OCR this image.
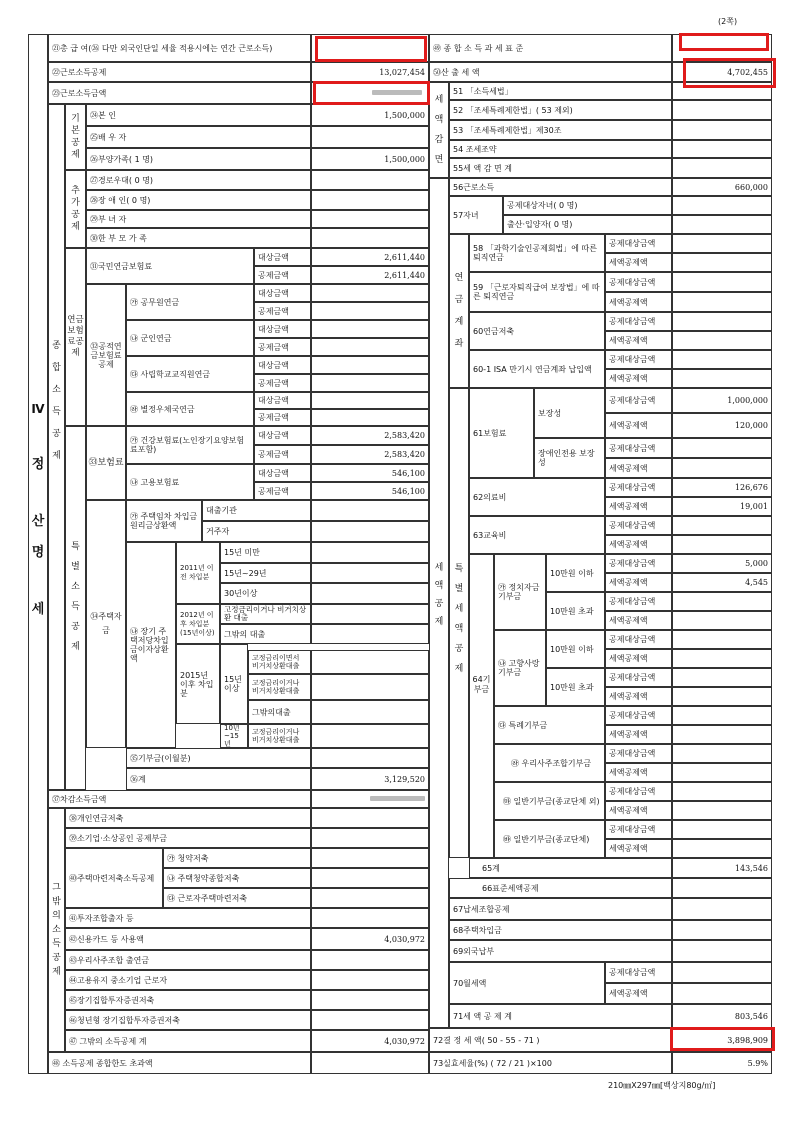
(2쪽)
Ⅳ
정
산
명
세
㉑총 급 여(㉖ 다만 외국인단일 세율 적용시에는 연간 근로소득)
㉒근로소득공제	13,027,454
㉓근로소득금액
종합소득공제
기본공제
㉔본 인	1,500,000
㉕배 우 자
㉖부양가족( 1 명)	1,500,000
추가공제
㉗경로우대( 0 명)
㉘장 애 인( 0 명)
㉙부 녀 자
㉚한 부 모 가 족
연금보험료공제
㉛국민연금보험료
대상금액	2,611,440
공제금액	2,611,440
㉜공적연금보험료공제
㉮ 공무원연금
대상금액
공제금액
㉯ 군인연금
대상금액
공제금액
㉰ 사립학교교직원연금
대상금액
공제금액
㉱ 별정우체국연금
대상금액
공제금액
특별소득공제
㉝보험료
㉮ 건강보험료(노인장기요양보험료포함)
대상금액	2,583,420
공제금액	2,583,420
㉯ 고용보험료
대상금액	546,100
공제금액	546,100
㉞주택자금
㉮ 주택임차 차입금원리금상환액
대출기관
거주자
㉯ 장기 주택저당차입금이자상환액
2011년 이전 차입분
15년 미만
15년~29년
30년이상
2012년 이후 차입분 (15년이상)
고정금리이거나 비거치상환 대출
그밖의 대출
2015년 이후 차입분
15년 이상
고정금리이면서 비거치상환대출
고정금리이거나 비거치상환대출
그밖의대출
10년 ~15년
고정금리이거나 비거치상환대출
㉟기부금(이월분)
㊱계	3,129,520
㊲차감소득금액
그 밖의 소득공제
㊳개인연금저축
㊴소기업·소상공인 공제부금
㊵주택마련저축소득공제
㉮ 청약저축
㉯ 주택청약종합저축
㉰ 근로자주택마련저축
㊶투자조합출자 등
㊷신용카드 등 사용액	4,030,972
㊸우리사주조합 출연금
㊹고용유지 중소기업 근로자
㊺장기집합투자증권저축
㊻청년형 장기집합투자증권저축
㊼ 그밖의 소득공제 계	4,030,972
㊽ 소득공제 종합한도 초과액
㊾ 종 합 소 득 과 세 표 준
㊿산 출 세 액	4,702,455
세액감면
51 「소득세법」
52 「조세특례제한법」( 53 제외)
53 「조세특례제한법」제30조
54 조세조약
55세 액 감 면 계
세액공제
56근로소득	660,000
57자녀
공제대상자녀( 0 명)
출산·입양자( 0 명)
연금계좌
58 「과학기술인공제회법」에 따른 퇴직연금
공제대상금액
세액공제액
59 「근로자퇴직급여 보장법」에 따른 퇴직연금
공제대상금액
세액공제액
60연금저축
공제대상금액
세액공제액
60-1 ISA 만기시 연금계좌 납입액
공제대상금액
세액공제액
특별세액공제
61보험료
보장성
공제대상금액	1,000,000
세액공제액	120,000
장애인전용 보장성
공제대상금액
세액공제액
62의료비
공제대상금액	126,676
세액공제액	19,001
63교육비
공제대상금액
세액공제액
64기부금
㉮ 정치자금기부금
10만원 이하
공제대상금액	5,000
세액공제액	4,545
10만원 초과
공제대상금액
세액공제액
㉯ 고향사랑기부금
10만원 이하
공제대상금액
세액공제액
10만원 초과
공제대상금액
세액공제액
㉰ 특례기부금
공제대상금액
세액공제액
㉱ 우리사주조합기부금
공제대상금액
세액공제액
㉲ 일반기부금(종교단체 외)
공제대상금액
세액공제액
㉳ 일반기부금(종교단체)
공제대상금액
세액공제액
65계	143,546
66표준세액공제
67납세조합공제
68주택차입금
69외국납부
70월세액
공제대상금액
세액공제액
71세 액 공 제 계	803,546
72결 정 세 액( 50 - 55 - 71 )	3,898,909
73실효세율(%) ( 72 / 21 )×100	5.9%
210㎜X297㎜[백상지80g/㎡]
